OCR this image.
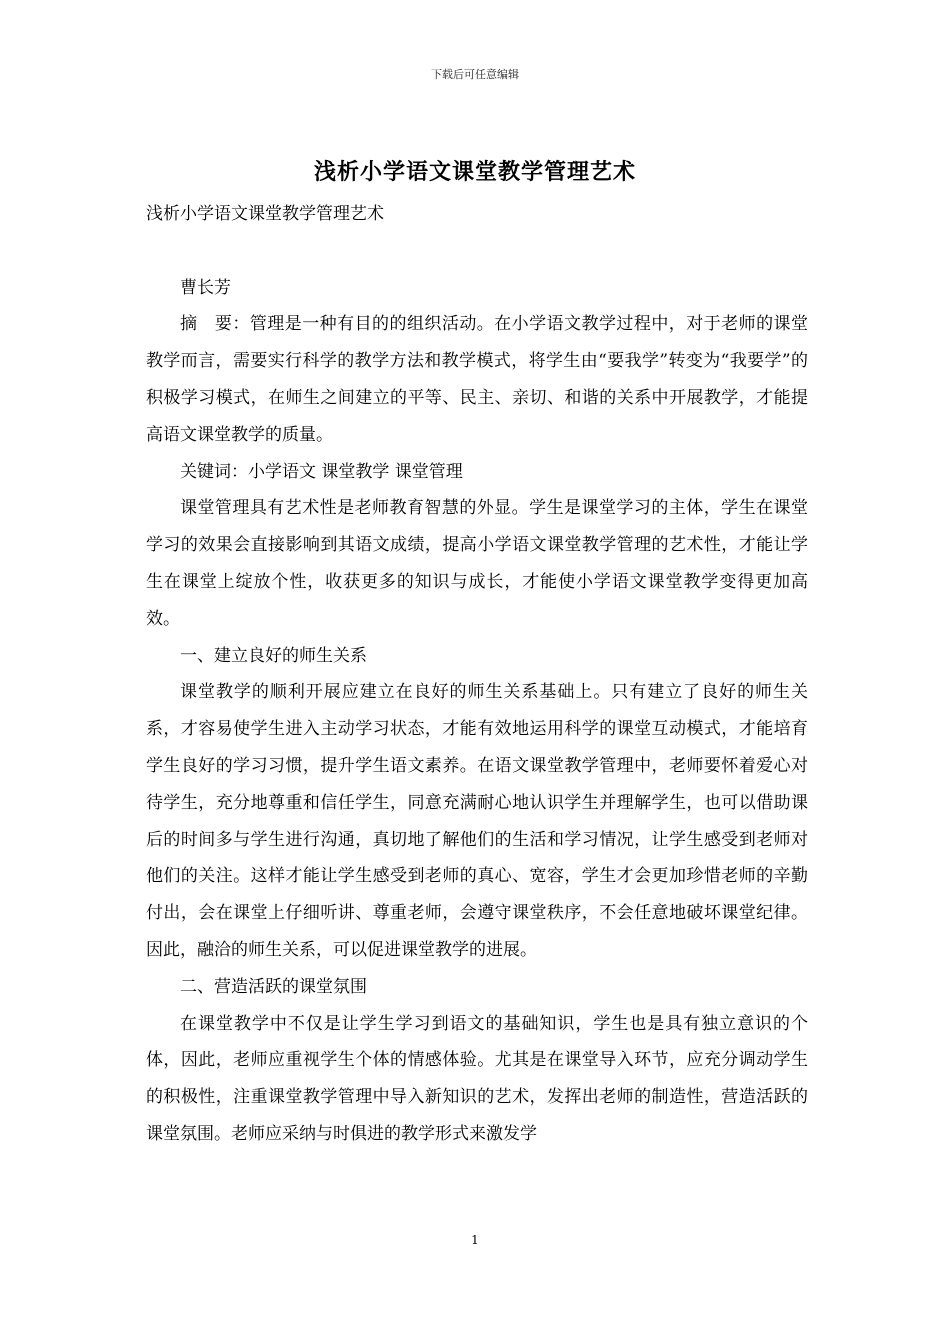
下载后可任意编辑
浅析小学语文课堂教学管理艺术

浅析小学语文课堂教学管理艺术

曹长芳

摘　要：管理是一种有目的的组织活动。在小学语文教学过程中，对于老师的课堂教学而言，需要实行科学的教学方法和教学模式，将学生由“要我学”转变为“我要学”的积极学习模式，在师生之间建立的平等、民主、亲切、和谐的关系中开展教学，才能提高语文课堂教学的质量。

关键词：小学语文 课堂教学 课堂管理

课堂管理具有艺术性是老师教育智慧的外显。学生是课堂学习的主体，学生在课堂学习的效果会直接影响到其语文成绩，提高小学语文课堂教学管理的艺术性，才能让学生在课堂上绽放个性，收获更多的知识与成长，才能使小学语文课堂教学变得更加高效。

一、建立良好的师生关系

课堂教学的顺利开展应建立在良好的师生关系基础上。只有建立了良好的师生关系，才容易使学生进入主动学习状态，才能有效地运用科学的课堂互动模式，才能培育学生良好的学习习惯，提升学生语文素养。在语文课堂教学管理中，老师要怀着爱心对待学生，充分地尊重和信任学生，同意充满耐心地认识学生并理解学生，也可以借助课后的时间多与学生进行沟通，真切地了解他们的生活和学习情况，让学生感受到老师对他们的关注。这样才能让学生感受到老师的真心、宽容，学生才会更加珍惜老师的辛勤付出，会在课堂上仔细听讲、尊重老师，会遵守课堂秩序，不会任意地破坏课堂纪律。因此，融洽的师生关系，可以促进课堂教学的进展。

二、营造活跃的课堂氛围

在课堂教学中不仅是让学生学习到语文的基础知识，学生也是具有独立意识的个体，因此，老师应重视学生个体的情感体验。尤其是在课堂导入环节，应充分调动学生的积极性，注重课堂教学管理中导入新知识的艺术，发挥出老师的制造性，营造活跃的课堂氛围。老师应采纳与时俱进的教学形式来激发学

1
